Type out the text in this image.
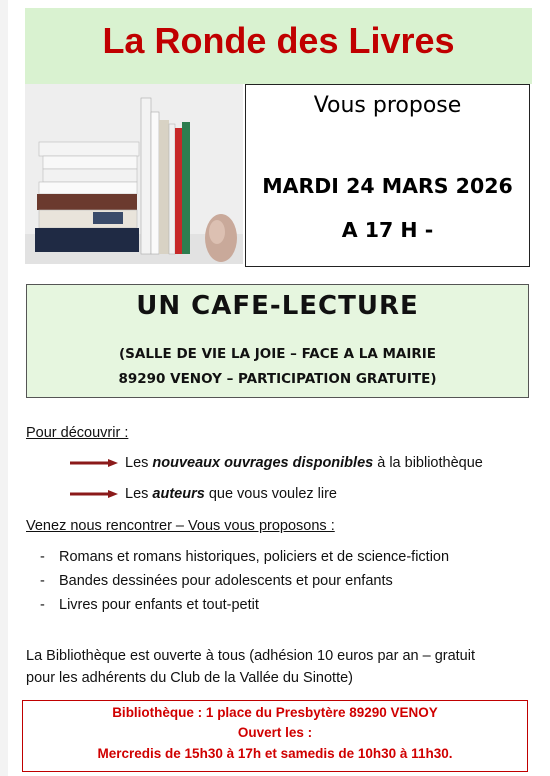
La Ronde des Livres
Vous propose
MARDI 24 MARS 2026
A 17 H -
UN CAFE-LECTURE
(SALLE DE VIE LA JOIE – FACE A LA MAIRIE
89290 VENOY – PARTICIPATION GRATUITE)
Pour découvrir :
Les nouveaux ouvrages disponibles à la bibliothèque
Les auteurs que vous voulez lire
Venez nous rencontrer – Vous vous proposons :
- Romans et romans historiques, policiers et de science-fiction
- Bandes dessinées pour adolescents et pour enfants
- Livres pour enfants et tout-petit
La Bibliothèque est ouverte à tous (adhésion 10 euros par an – gratuit
pour les adhérents du Club de la Vallée du Sinotte)
Bibliothèque : 1 place du Presbytère 89290 VENOY
Ouvert les :
Mercredis de 15h30 à 17h et samedis de 10h30 à 11h30.
